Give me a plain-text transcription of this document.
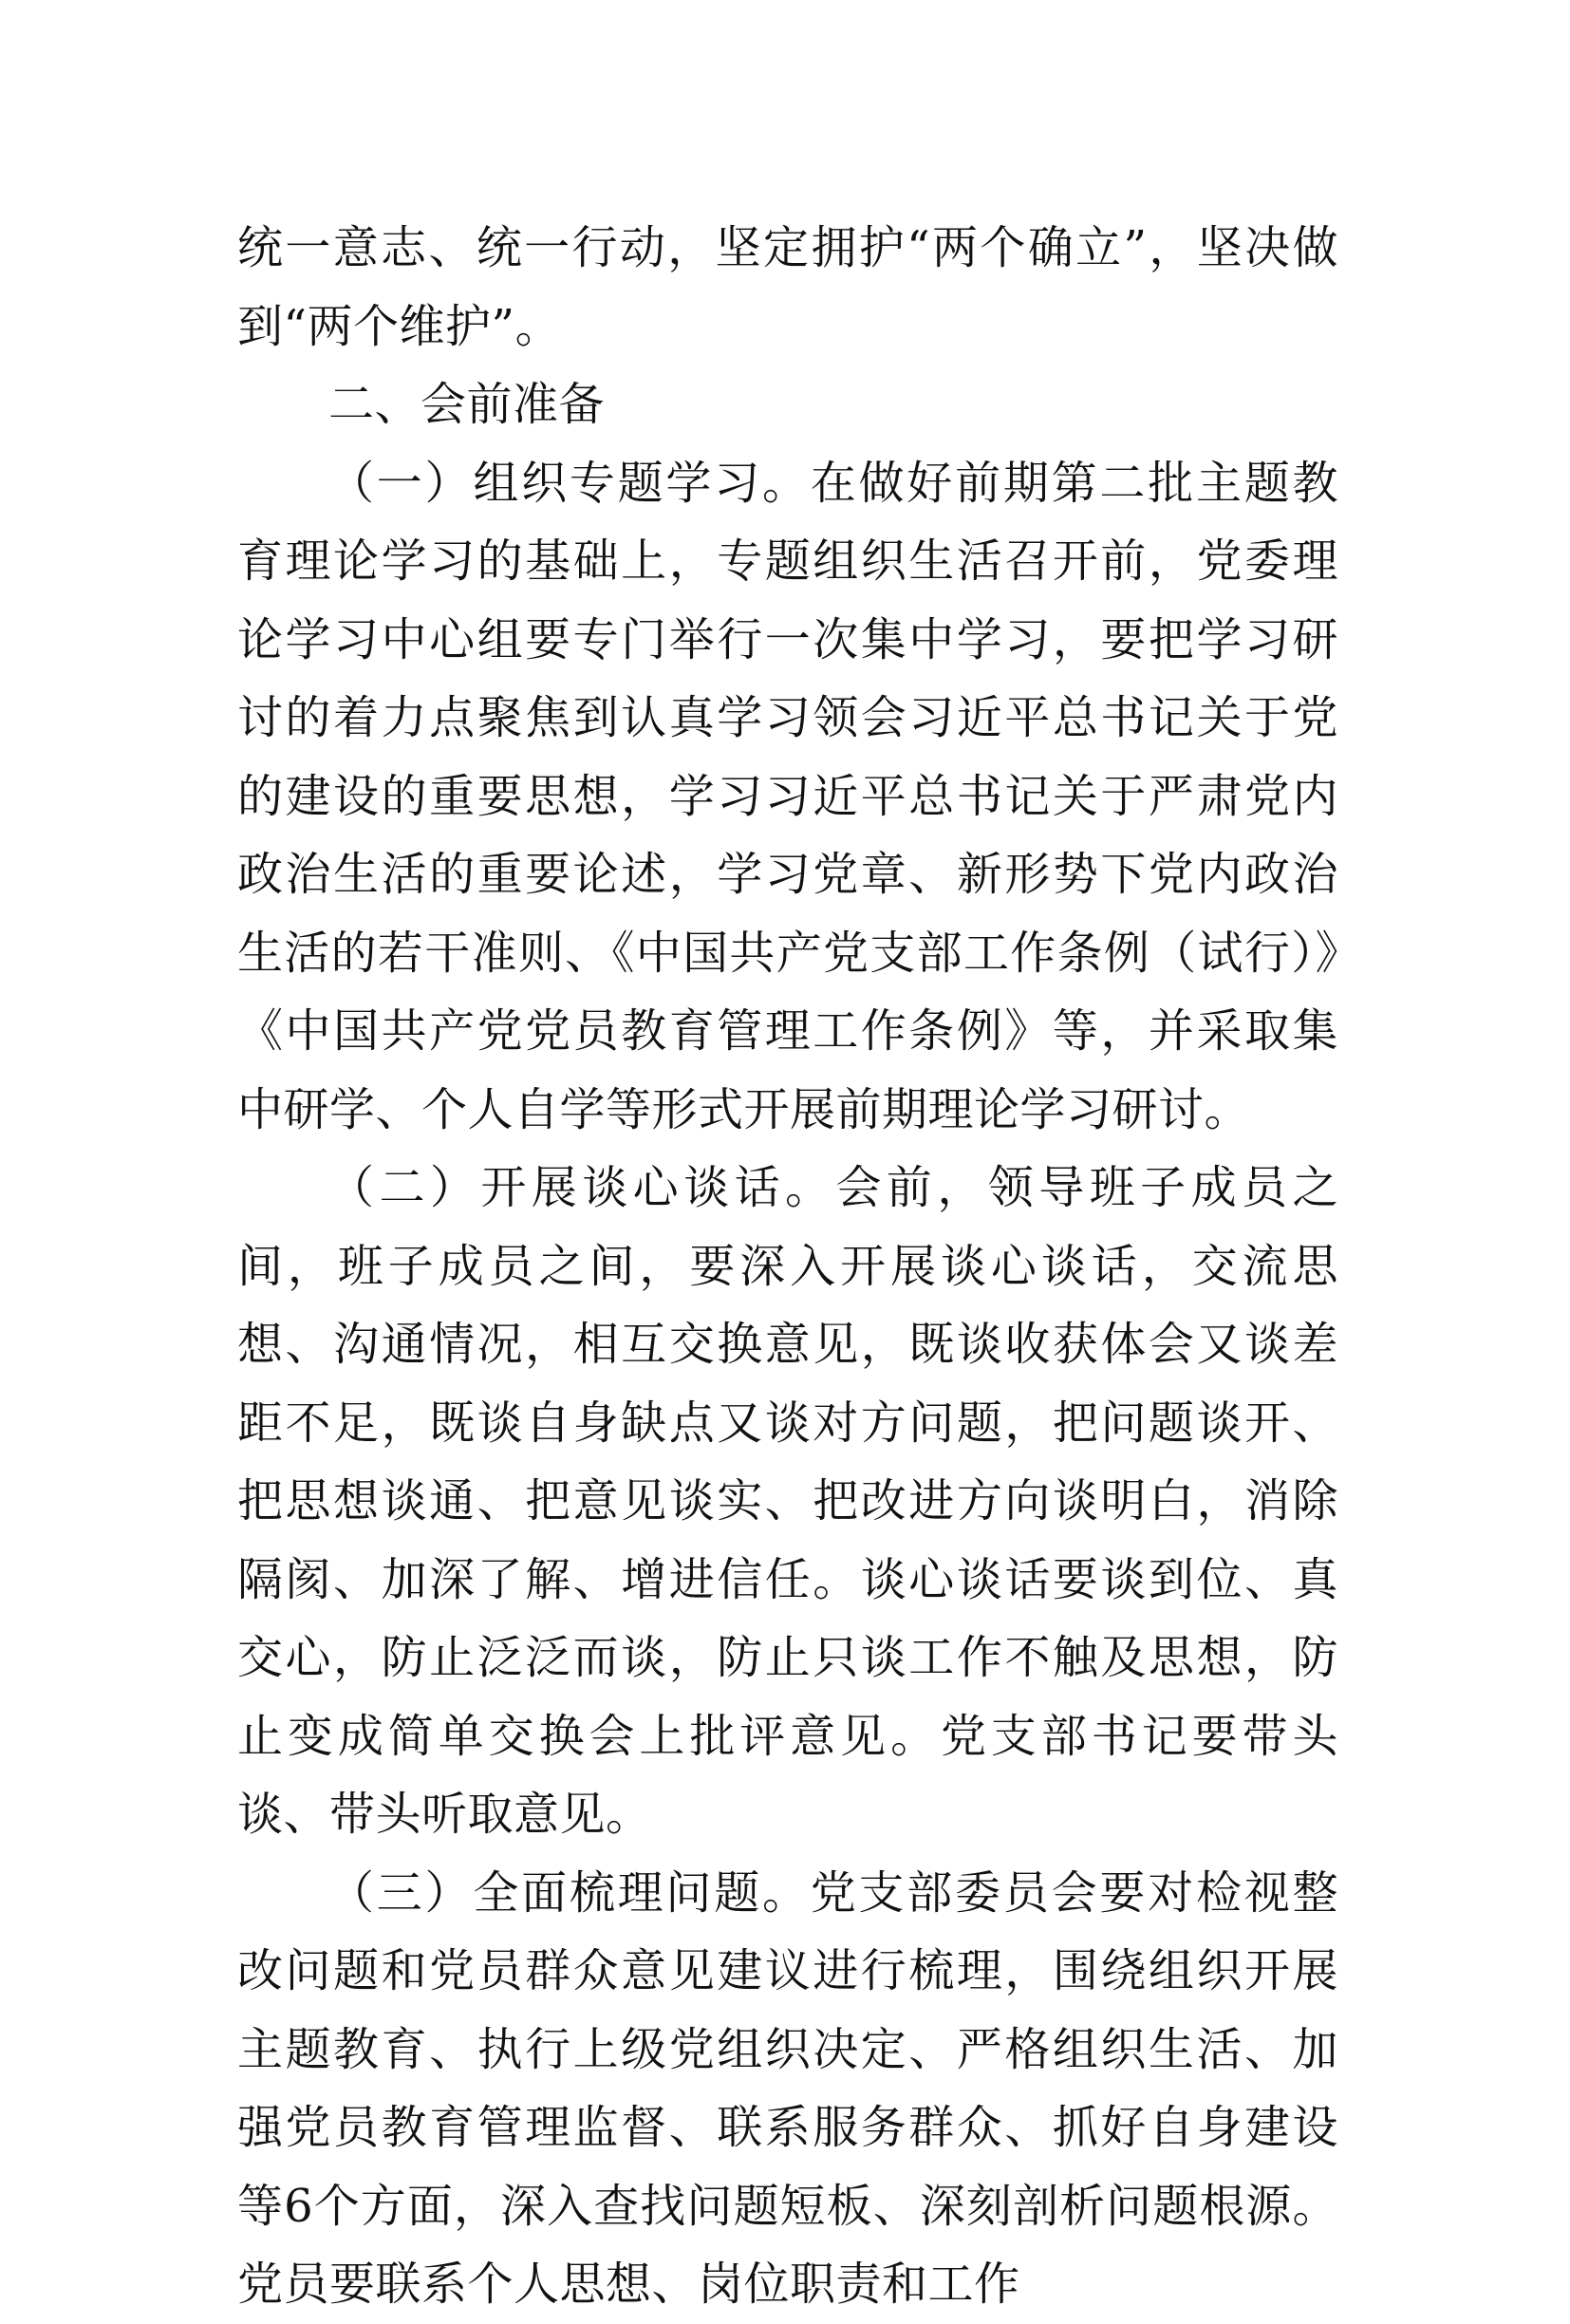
统一意志、统一行动，坚定拥护“两个确立”，坚决做到“两个维护”。

二、会前准备

（一）组织专题学习。在做好前期第二批主题教育理论学习的基础上，专题组织生活召开前，党委理论学习中心组要专门举行一次集中学习，要把学习研讨的着力点聚焦到认真学习领会习近平总书记关于党的建设的重要思想，学习习近平总书记关于严肃党内政治生活的重要论述，学习党章、新形势下党内政治生活的若干准则、《中国共产党支部工作条例（试行）》《中国共产党党员教育管理工作条例》等，并采取集中研学、个人自学等形式开展前期理论学习研讨。

（二）开展谈心谈话。会前，领导班子成员之间，班子成员之间，要深入开展谈心谈话，交流思想、沟通情况，相互交换意见，既谈收获体会又谈差距不足，既谈自身缺点又谈对方问题，把问题谈开、把思想谈通、把意见谈实、把改进方向谈明白，消除隔阂、加深了解、增进信任。谈心谈话要谈到位、真交心，防止泛泛而谈，防止只谈工作不触及思想，防止变成简单交换会上批评意见。党支部书记要带头谈、带头听取意见。

（三）全面梳理问题。党支部委员会要对检视整改问题和党员群众意见建议进行梳理，围绕组织开展主题教育、执行上级党组织决定、严格组织生活、加强党员教育管理监督、联系服务群众、抓好自身建设等6个方面，深入查找问题短板、深刻剖析问题根源。党员要联系个人思想、岗位职责和工作
